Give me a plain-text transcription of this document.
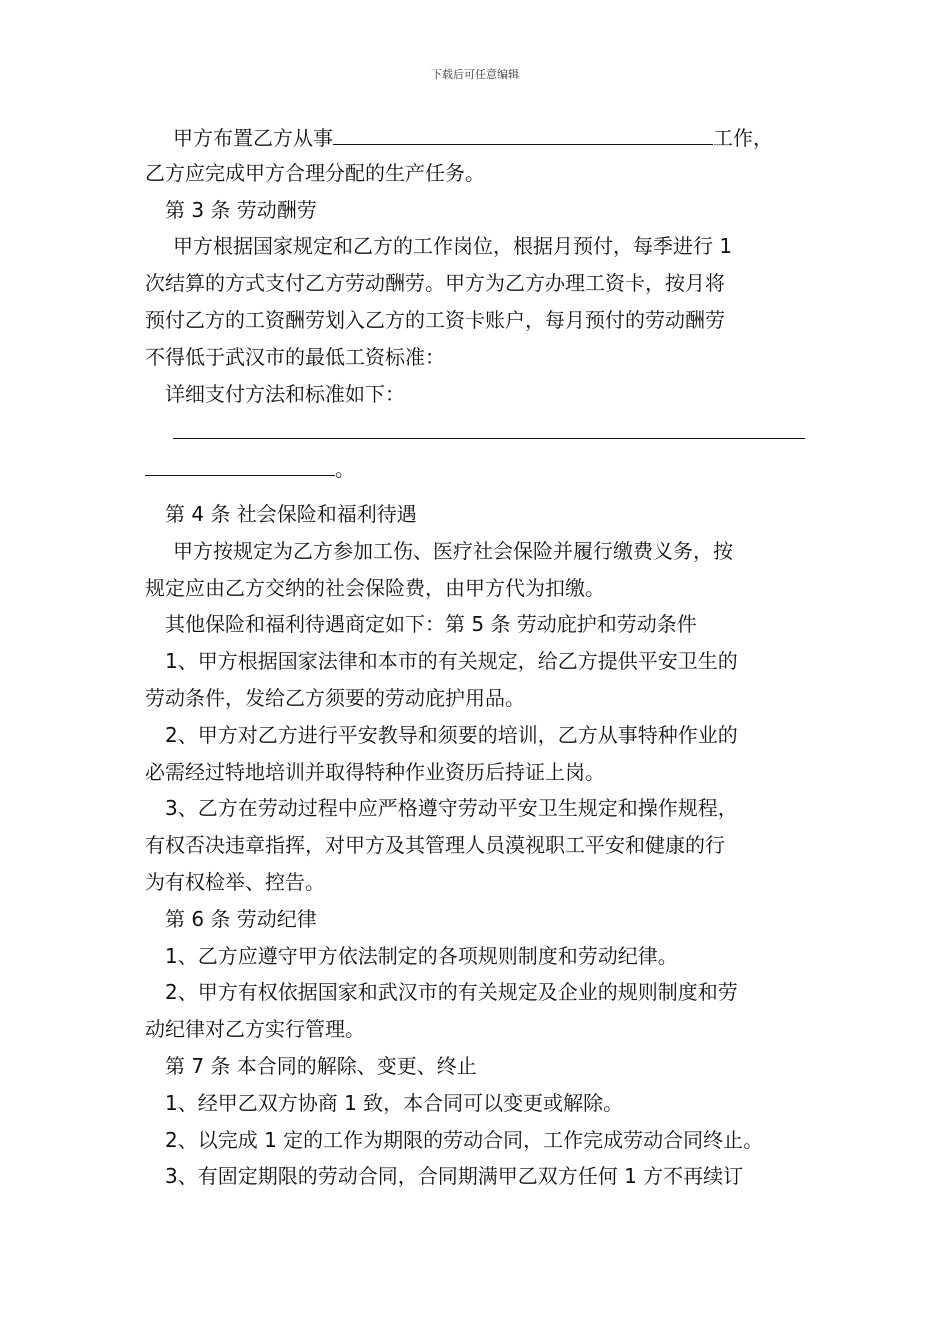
下载后可任意编辑
甲方布置乙方从事	工作，
乙方应完成甲方合理分配的生产任务。
第 3 条 劳动酬劳
甲方根据国家规定和乙方的工作岗位，根据月预付，每季进行 1
次结算的方式支付乙方劳动酬劳。甲方为乙方办理工资卡，按月将
预付乙方的工资酬劳划入乙方的工资卡账户，每月预付的劳动酬劳
不得低于武汉市的最低工资标准：
详细支付方法和标准如下：
。
第 4 条 社会保险和福利待遇
甲方按规定为乙方参加工伤、医疗社会保险并履行缴费义务，按
规定应由乙方交纳的社会保险费，由甲方代为扣缴。
其他保险和福利待遇商定如下：第 5 条 劳动庇护和劳动条件
1、甲方根据国家法律和本市的有关规定，给乙方提供平安卫生的
劳动条件，发给乙方须要的劳动庇护用品。
2、甲方对乙方进行平安教导和须要的培训，乙方从事特种作业的
必需经过特地培训并取得特种作业资历后持证上岗。
3、乙方在劳动过程中应严格遵守劳动平安卫生规定和操作规程，
有权否决违章指挥，对甲方及其管理人员漠视职工平安和健康的行
为有权检举、控告。
第 6 条 劳动纪律
1、乙方应遵守甲方依法制定的各项规则制度和劳动纪律。
2、甲方有权依据国家和武汉市的有关规定及企业的规则制度和劳
动纪律对乙方实行管理。
第 7 条 本合同的解除、变更、终止
1、经甲乙双方协商 1 致，本合同可以变更或解除。
2、以完成 1 定的工作为期限的劳动合同，工作完成劳动合同终止。
3、有固定期限的劳动合同，合同期满甲乙双方任何 1 方不再续订
